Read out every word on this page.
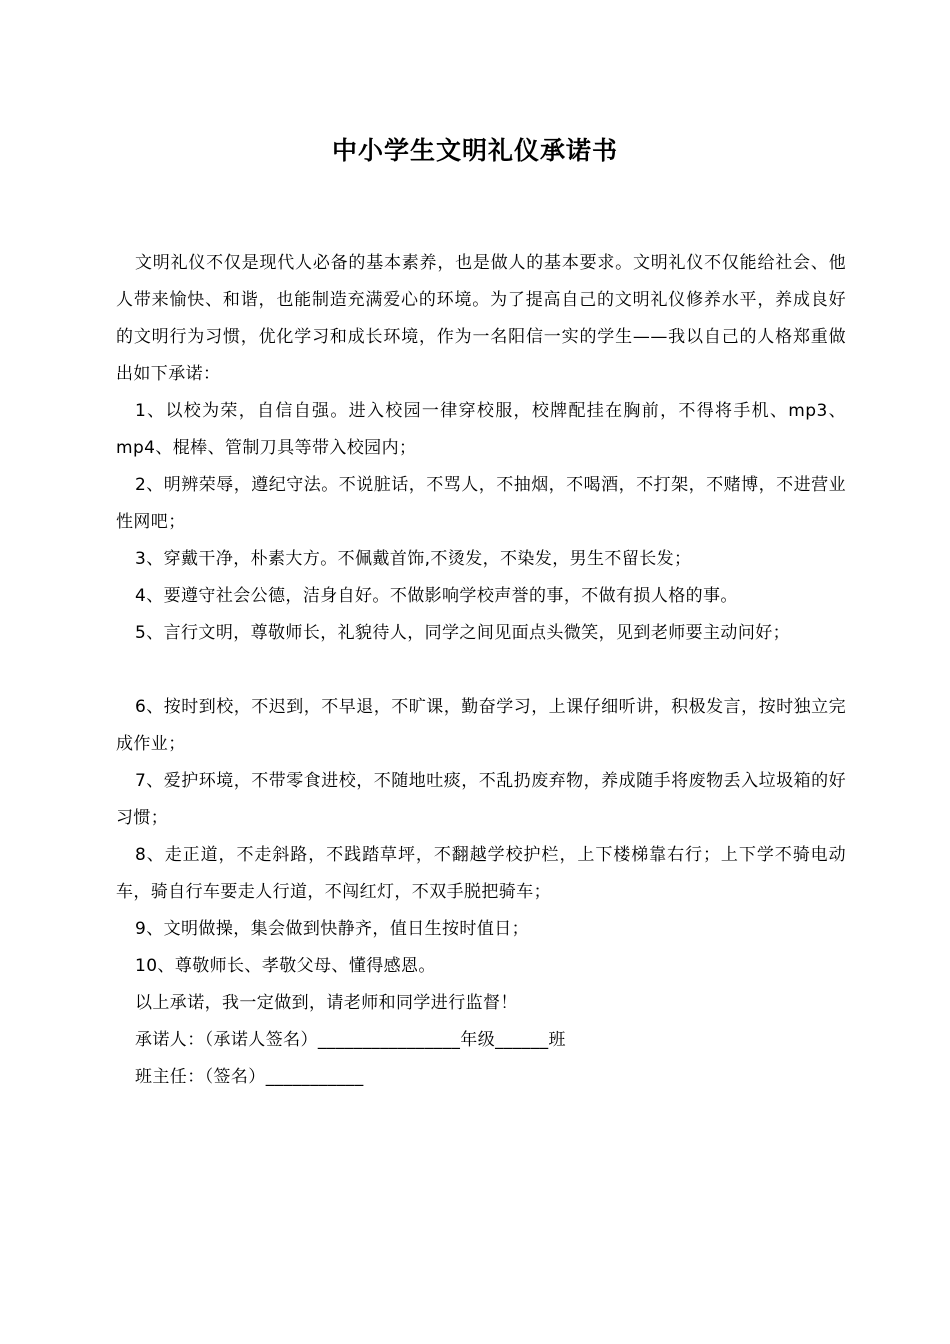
中小学生文明礼仪承诺书

文明礼仪不仅是现代人必备的基本素养，也是做人的基本要求。文明礼仪不仅能给社会、他人带来愉快、和谐，也能制造充满爱心的环境。为了提高自己的文明礼仪修养水平，养成良好的文明行为习惯，优化学习和成长环境，作为一名阳信一实的学生——我以自己的人格郑重做出如下承诺：

1、以校为荣，自信自强。进入校园一律穿校服，校牌配挂在胸前，不得将手机、mp3、mp4、棍棒、管制刀具等带入校园内；

2、明辨荣辱，遵纪守法。不说脏话，不骂人，不抽烟，不喝酒，不打架，不赌博，不进营业性网吧；

3、穿戴干净，朴素大方。不佩戴首饰,不烫发，不染发，男生不留长发；

4、要遵守社会公德，洁身自好。不做影响学校声誉的事，不做有损人格的事。

5、言行文明，尊敬师长，礼貌待人，同学之间见面点头微笑，见到老师要主动问好；

6、按时到校，不迟到，不早退，不旷课，勤奋学习，上课仔细听讲，积极发言，按时独立完成作业；

7、爱护环境，不带零食进校，不随地吐痰，不乱扔废弃物，养成随手将废物丢入垃圾箱的好习惯；

8、走正道，不走斜路，不践踏草坪，不翻越学校护栏，上下楼梯靠右行；上下学不骑电动车，骑自行车要走人行道，不闯红灯，不双手脱把骑车；

9、文明做操，集会做到快静齐，值日生按时值日；

10、尊敬师长、孝敬父母、懂得感恩。

以上承诺，我一定做到，请老师和同学进行监督！

承诺人：（承诺人签名）________________年级______班

班主任：（签名）___________
